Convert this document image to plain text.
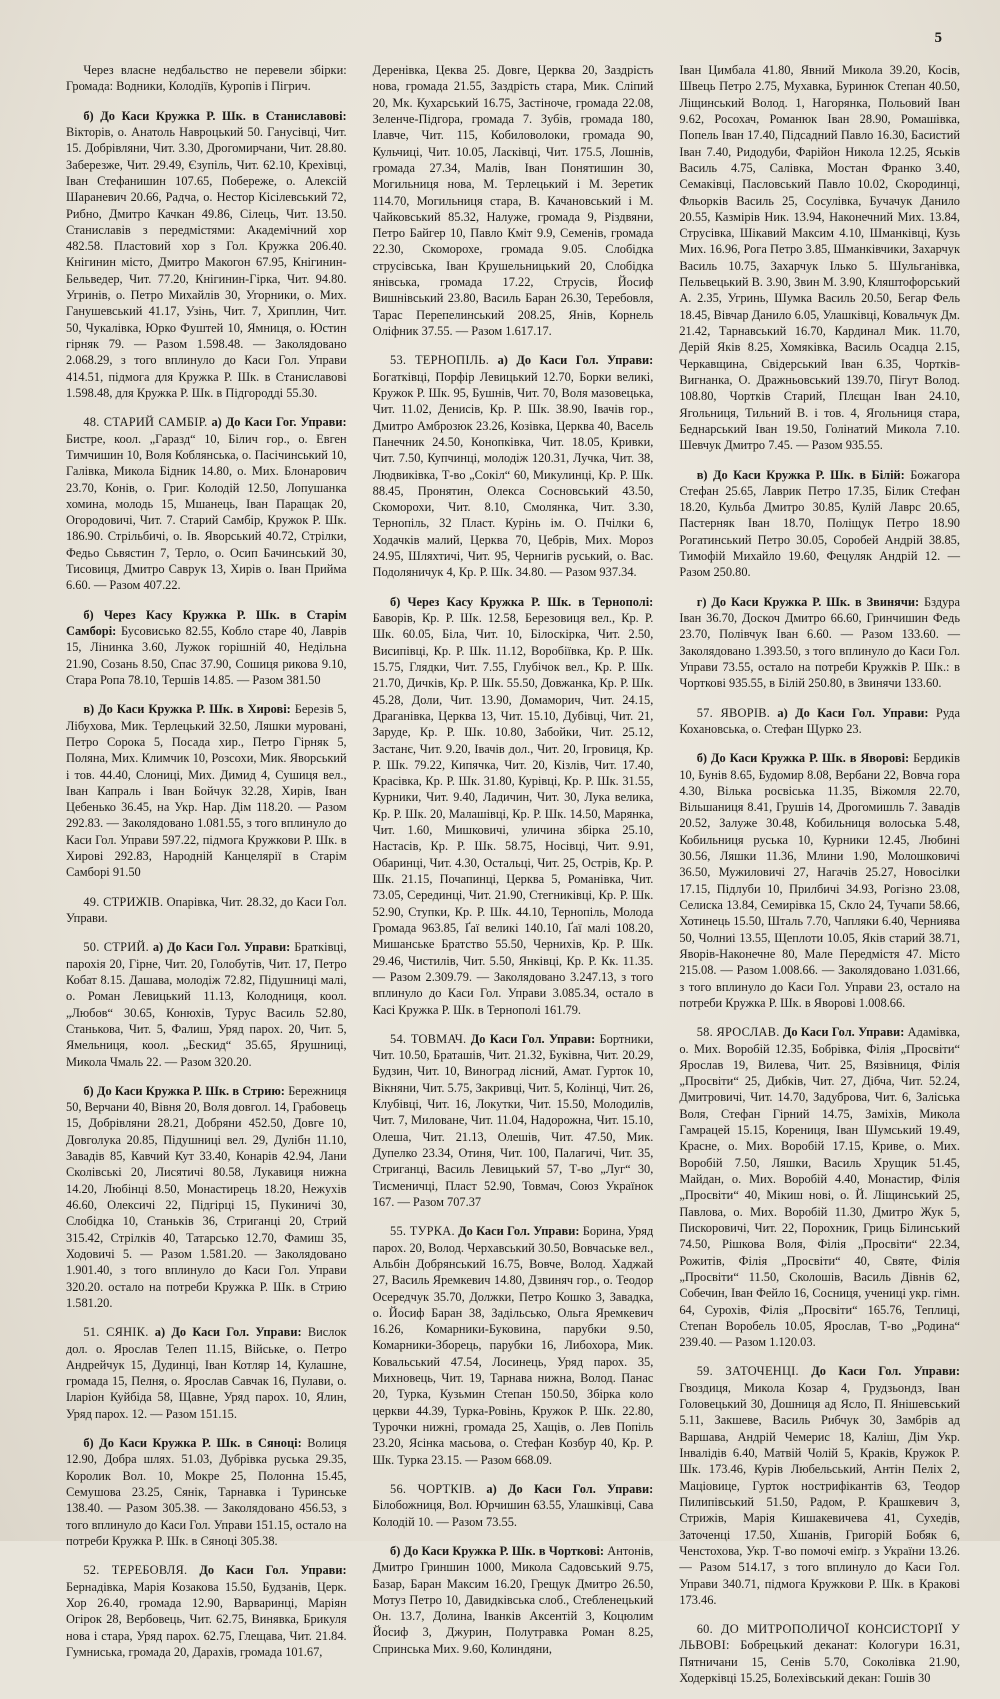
5

Через власне недбальство не перевели збірки: Громада: Водники, Колодіїв, Куропів і Пігрич.

б) До Каси Кружка Р. Шк. в Станиславові: Вікторів, о. Анатоль Навроцький 50. Ганусівці, Чит. 15. Добрівляни, Чит. 3.30, Дрогомирчани, Чит. 28.80. Заберезже, Чит. 29.49, Єзупіль, Чит. 62.10, Крехівці, Іван Стефанишин 107.65, Побереже, о. Алексій Шараневич 20.66, Радча, о. Нестор Кісілевський 72, Рибно, Дмитро Качкан 49.86, Сілець, Чит. 13.50. Станиславів з передмістями: Академічний хор 482.58. Пластовий хор з Гол. Кружка 206.40. Кнігинин місто, Дмитро Макогон 67.95, Кнігинин-Бельведер, Чит. 77.20, Кнігинин-Гірка, Чит. 94.80. Угринів, о. Петро Михайлів 30, Угорники, о. Мих. Ганушевський 41.17, Узінь, Чит. 7, Хриплин, Чит. 50, Чукалівка, Юрко Фуштей 10, Ямниця, о. Юстин гірняк 79. — Разом 1.598.48. — Заколядовано 2.068.29, з того вплинуло до Каси Гол. Управи 414.51, підмога для Кружка Р. Шк. в Станиславові 1.598.48, для Кружка Р. Шк. в Підгородді 55.30.

48. СТАРИЙ САМБІР. а) До Каси Гог. Управи: Бистре, коол. „Гаразд“ 10, Білич гор., о. Евген Тимчишин 10, Воля Коблянська, о. Пасічинський 10, Галівка, Микола Бідник 14.80, о. Мих. Блонарович 23.70, Конів, о. Григ. Колодій 12.50, Лопушанка хомина, молодь 15, Мшанець, Іван Паращак 20, Огородовичі, Чит. 7. Старий Самбір, Кружок Р. Шк. 186.90. Стрільбичі, о. Ів. Яворський 40.72, Стрілки, Федьо Сьвястин 7, Терло, о. Осип Бачинський 30, Тисовиця, Дмитро Саврук 13, Хирів о. Іван Прийма 6.60. — Разом 407.22.

б) Через Касу Кружка Р. Шк. в Старім Самборі: Бусовисько 82.55, Кобло старе 40, Лаврів 15, Лінинка 3.60, Лужок горішній 40, Недільна 21.90, Созань 8.50, Спас 37.90, Сошиця рикова 9.10, Стара Ропа 78.10, Тершів 14.85. — Разом 381.50

в) До Каси Кружка Р. Шк. в Хирові: Березів 5, Лібухова, Мик. Терлецький 32.50, Ляшки мурованi, Петро Сорока 5, Посада хир., Петро Гірняк 5, Поляна, Мих. Климчик 10, Розсохи, Мик. Яворський і тов. 44.40, Слониці, Мих. Димид 4, Сушиця вел., Іван Капраль і Іван Бойчук 32.28, Хирів, Іван Цебенько 36.45, на Укр. Нар. Дім 118.20. — Разом 292.83. — Заколядовано 1.081.55, з того вплинуло до Каси Гол. Управи 597.22, підмога Кружкови Р. Шк. в Хирові 292.83, Народній Канцелярії в Старім Самборі 91.50

49. СТРИЖІВ. Опарівка, Чит. 28.32, до Каси Гол. Управи.

50. СТРИЙ. а) До Каси Гол. Управи: Братківці, парохія 20, Гірне, Чит. 20, Голобутів, Чит. 17, Петро Кобат 8.15. Дашава, молодіж 72.82, Підушниці малі, о. Роман Левицький 11.13, Колодниця, коол. „Любов“ 30.65, Конюхів, Турус Василь 52.80, Станькова, Чит. 5, Фалиш, Уряд парох. 20, Чит. 5, Ямельниця, коол. „Бескид“ 35.65, Ярушниці, Микола Чмаль 22. — Разом 320.20.

б) До Каси Кружка Р. Шк. в Стрию: Бережниця 50, Верчани 40, Вівня 20, Воля довгол. 14, Грабовець 15, Добрівляни 28.21, Добряни 452.50, Довге 10, Довголука 20.85, Підушниці вел. 29, Дулібн 11.10, Завадів 85, Кавчий Кут 33.40, Конарів 42.94, Лани Сколівські 20, Лисятичі 80.58, Лукавиця нижна 14.20, Любінці 8.50, Монастирець 18.20, Нежухів 46.60, Олексичі 22, Підгірці 15, Пукиничі 30, Слобідка 10, Станьків 36, Стриганці 20, Стрий 315.42, Стрілків 40, Татарсько 12.70, Фамиш 35, Ходовичі 5. — Разом 1.581.20. — Заколядовано 1.901.40, з того вплинуло до Каси Гол. Управи 320.20. остало на потреби Кружка Р. Шк. в Стрию 1.581.20.

51. СЯНІК. а) До Каси Гол. Управи: Вислок дол. о. Ярослав Телеп 11.15, Війське, о. Петро Андрейчук 15, Дудинці, Іван Котляр 14, Кулашне, громада 15, Пелня, о. Ярослав Савчак 16, Пулави, о. Іларіон Куйбіда 58, Щавне, Уряд парох. 10, Ялин, Уряд парох. 12. — Разом 151.15.

б) До Каси Кружка Р. Шк. в Сяноці: Волиця 12.90, Добра шлях. 51.03, Дубрівка руська 29.35, Королик Вол. 10, Мокре 25, Полонна 15.45, Семушова 23.25, Сянік, Тарнавка і Туринське 138.40. — Разом 305.38. — Заколядовано 456.53, з того вплинуло до Каси Гол. Управи 151.15, остало на потреби Кружка Р. Шк. в Сяноці 305.38.

52. ТЕРЕБОВЛЯ. До Каси Гол. Управи: Бернадівка, Марія Козакова 15.50, Будзанів, Церк. Хор 26.40, громада 12.90, Варваринці, Маріян Огірок 28, Вербовець, Чит. 62.75, Винявка, Брикуля нова і стара, Уряд парох. 62.75, Глещава, Чит. 21.84. Гумниська, громада 20, Дарахів, громада 101.67,

Деренівка, Цеква 25. Довге, Церква 20, Заздрість нова, громада 21.55, Заздрість стара, Мик. Сліпий 20, Мк. Кухарський 16.75, Застіноче, громада 22.08, Зеленче-Підгора, громада 7. Зубів, громада 180, Ілавче, Чит. 115, Кобиловолоки, громада 90, Кульчиці, Чит. 10.05, Ласківці, Чит. 175.5, Лошнів, громада 27.34, Малів, Іван Понятишин 30, Могильниця нова, М. Терлецький і М. Зеретик 114.70, Могильниця стара, В. Качановський і М. Чайковський 85.32, Налуже, громада 9, Різдвяни, Петро Байгер 10, Павло Кміт 9.9, Семенів, громада 22.30, Скоморохе, громада 9.05. Слобідка струсівська, Іван Крушельницький 20, Слобідка янівська, громада 17.22, Струсів, Йосиф Вишнівський 23.80, Василь Баран 26.30, Теребовля, Тарас Перепелинський 208.25, Янів, Корнель Оліфник 37.55. — Разом 1.617.17.

53. ТЕРНОПІЛЬ. а) До Каси Гол. Управи: Богатківці, Порфір Левицький 12.70, Борки великі, Кружок Р. Шк. 95, Бушнів, Чит. 70, Воля мазовецька, Чит. 11.02, Денисів, Кр. Р. Шк. 38.90, Івачів гор., Дмитро Амброзюк 23.26, Козівка, Церква 40, Васель Панечник 24.50, Конопківка, Чит. 18.05, Кривки, Чит. 7.50, Купчинці, молодіж 120.31, Лучка, Чит. 38, Людвиківка, Т-во „Сокіл“ 60, Микулинці, Кр. Р. Шк. 88.45, Пронятин, Олекса Сосновський 43.50, Скоморохи, Чит. 8.10, Смолянка, Чит. 3.30, Тернопіль, 32 Пласт. Курінь ім. О. Пчілки 6, Ходачків малий, Церква 70, Цебрів, Мих. Мороз 24.95, Шляхтичі, Чит. 95, Чернигів руський, о. Вас. Подоляничук 4, Кр. Р. Шк. 34.80. — Разом 937.34.

б) Через Касу Кружка Р. Шк. в Тернополі: Баворів, Кр. Р. Шк. 12.58, Березовиця вел., Кр. Р. Шк. 60.05, Біла, Чит. 10, Білоскірка, Чит. 2.50, Висипівці, Кр. Р. Шк. 11.12, Воробіївка, Кр. Р. Шк. 15.75, Глядки, Чит. 7.55, Глубічок вел., Кр. Р. Шк. 21.70, Дичків, Кр. Р. Шк. 55.50, Довжанка, Кр. Р. Шк. 45.28, Доли, Чит. 13.90, Домаморич, Чит. 24.15, Драганівка, Церква 13, Чит. 15.10, Дубівці, Чит. 21, Заруде, Кр. Р. Шк. 10.80, Забойки, Чит. 25.12, Застанє, Чит. 9.20, Івачів дол., Чит. 20, Ігровиця, Кр. Р. Шк. 79.22, Кипячка, Чит. 20, Кізлів, Чит. 17.40, Красівка, Кр. Р. Шк. 31.80, Курівці, Кр. Р. Шк. 31.55, Курники, Чит. 9.40, Ладичин, Чит. 30, Лука велика, Кр. Р. Шк. 20, Малашівці, Кр. Р. Шк. 14.50, Марянка, Чит. 1.60, Мишковичі, уличина збірка 25.10, Настасів, Кр. Р. Шк. 58.75, Носівці, Чит. 9.91, Обаринці, Чит. 4.30, Остальці, Чит. 25, Острів, Кр. Р. Шк. 21.15, Почапинці, Церква 5, Романівка, Чит. 73.05, Серединці, Чит. 21.90, Стегниківці, Кр. Р. Шк. 52.90, Ступки, Кр. Р. Шк. 44.10, Тернопіль, Молода Громада 963.85, Ґаї великі 140.10, Ґаї малі 108.20, Мишанське Братство 55.50, Чернихів, Кр. Р. Шк. 29.46, Чистилів, Чит. 5.50, Янківці, Кр. Р. Кк. 11.35. — Разом 2.309.79. — Заколядовано 3.247.13, з того вплинуло до Каси Гол. Управи 3.085.34, остало в Касі Кружка Р. Шк. в Тернополі 161.79.

54. ТОВМАЧ. До Каси Гол. Управи: Бортники, Чит. 10.50, Браташів, Чит. 21.32, Буківна, Чит. 20.29, Будзин, Чит. 10, Виноград лісний, Амат. Гурток 10, Вікняни, Чит. 5.75, Закривці, Чит. 5, Колінці, Чит. 26, Клубівці, Чит. 16, Локутки, Чит. 15.50, Молодилів, Чит. 7, Миловане, Чит. 11.04, Надорожна, Чит. 15.10, Олеша, Чит. 21.13, Олешів, Чит. 47.50, Мик. Дупелко 23.34, Отиня, Чит. 100, Палагичі, Чит. 35, Стриганці, Василь Левицький 57, Т-во „Луг“ 30, Тисменичці, Пласт 52.90, Товмач, Союз Українок 167. — Разом 707.37

55. ТУРКА. До Каси Гол. Управи: Борина, Уряд парох. 20, Волод. Черхавський 30.50, Вовчаське вел., Альбін Добрянський 16.75, Вовче, Волод. Хаджай 27, Василь Яремкевич 14.80, Дзвиняч гор., о. Теодор Осередчук 35.70, Должки, Петро Кошко 3, Завадка, о. Йосиф Баран 38, Задільсько, Ольга Яремкевич 16.26, Комарники-Буковина, парубки 9.50, Комарники-Зборець, парубки 16, Либохора, Мик. Ковальський 47.54, Лосинець, Уряд парох. 35, Михновець, Чит. 19, Тарнава нижна, Волод. Панас 20, Турка, Кузьмин Степан 150.50, Збірка коло церкви 44.39, Турка-Ровінь, Кружок Р. Шк. 22.80, Турочки нижні, громада 25, Хащів, о. Лев Попіль 23.20, Ясінка масьова, о. Стефан Козбур 40, Кр. Р. Шк. Турка 23.15. — Разом 668.09.

56. ЧОРТКІВ. а) До Каси Гол. Управи: Білобожниця, Вол. Юрчишин 63.55, Улашківці, Сава Колодій 10. — Разом 73.55.

б) До Каси Кружка Р. Шк. в Чорткові: Антонів, Дмитро Гриншин 1000, Микола Садовський 9.75, Базар, Баран Максим 16.20, Грещук Дмитро 26.50, Мотуз Петро 10, Давидківська слоб., Стебленецький Он. 13.7, Долина, Іванків Аксентій 3, Коцюлим Йосиф 3, Джурин, Полутравка Роман 8.25, Спринська Мих. 9.60, Колиндяни,

Іван Цимбала 41.80, Явний Микола 39.20, Косів, Швець Петро 2.75, Мухавка, Буринюк Степан 40.50, Ліщинський Волод. 1, Нагорянка, Польовий Іван 9.62, Росохач, Романюк Іван 28.90, Ромашівка, Попель Іван 17.40, Підсадний Павло 16.30, Басистий Іван 7.40, Ридодуби, Фарійон Никола 12.25, Яськів Василь 4.75, Салівка, Мостан Франко 3.40, Семаківці, Пасловський Павло 10.02, Скородинці, Фльорків Василь 25, Сосулівка, Бучачук Данило 20.55, Казмірів Ник. 13.94, Наконечний Мих. 13.84, Струсівка, Шікавий Максим 4.10, Шманківці, Кузь Мих. 16.96, Рога Петро 3.85, Шманківчики, Захарчук Василь 10.75, Захарчук Ілько 5. Шульганівка, Пельвецький В. 3.90, Звин М. 3.90, Кляштофорський А. 2.35, Угринь, Шумка Василь 20.50, Бегар Фель 18.45, Вівчар Данило 6.05, Улашківці, Ковальчук Дм. 21.42, Тарнавський 16.70, Кардинал Мик. 11.70, Дерій Яків 8.25, Хомяківка, Василь Осадца 2.15, Черкавщина, Свідерський Іван 6.35, Чортків-Вигнанка, О. Дражньовський 139.70, Пігут Волод. 108.80, Чортків Старий, Плєщан Іван 24.10, Ягольниця, Тильний В. і тов. 4, Ягольниця стара, Беднарський Іван 19.50, Голінатий Микола 7.10. Шевчук Дмитро 7.45. — Разом 935.55.

в) До Каси Кружка Р. Шк. в Білій: Божагора Стефан 25.65, Лаврик Петро 17.35, Білик Стефан 18.20, Кульба Дмитро 30.85, Кулій Лаврс 20.65, Пастерняк Іван 18.70, Поліщук Петро 18.90 Рогатинський Петро 30.05, Соробей Андрій 38.85, Тимофій Михайло 19.60, Фецуляк Андрій 12. — Разом 250.80.

г) До Каси Кружка Р. Шк. в Звинячи: Бздура Іван 36.70, Доскоч Дмитро 66.60, Гринчишин Федь 23.70, Полівчук Іван 6.60. — Разом 133.60. — Заколядовано 1.393.50, з того вплинуло до Каси Гол. Управи 73.55, остало на потреби Кружків Р. Шк.: в Чорткові 935.55, в Білій 250.80, в Звинячи 133.60.

57. ЯВОРІВ. а) До Каси Гол. Управи: Руда Кохановська, о. Стефан Щурко 23.

б) До Каси Кружка Р. Шк. в Яворові: Бердиків 10, Бунів 8.65, Будомир 8.08, Вербани 22, Вовча гора 4.30, Вілька росвіська 11.35, Віжомля 22.70, Вільшаниця 8.41, Грушів 14, Дрогомишль 7. Завадів 20.52, Залуже 30.48, Кобильниця волоська 5.48, Кобильниця руська 10, Курники 12.45, Любині 30.56, Ляшки 11.36, Млини 1.90, Молошковичі 36.50, Мужиловичі 27, Нагачів 25.27, Новосілки 17.15, Підлуби 10, Прилбичі 34.93, Рогізно 23.08, Селиска 13.84, Семирівка 15, Скло 24, Тучапи 58.66, Хотинець 15.50, Шталь 7.70, Чапляки 6.40, Черниява 50, Чолниі 13.55, Щеплоти 10.05, Яків старий 38.71, Яворів-Наконечне 80, Мале Передмістя 47. Місто 215.08. — Разом 1.008.66. — Заколядовано 1.031.66, з того вплинуло до Каси Гол. Управи 23, остало на потреби Кружка Р. Шк. в Яворові 1.008.66.

58. ЯРОСЛАВ. До Каси Гол. Управи: Адамівка, о. Мих. Воробій 12.35, Бобрівка, Філія „Просвіти“ Ярослав 19, Вилева, Чит. 25, Вязівниця, Філія „Просвіти“ 25, Дибків, Чит. 27, Дібча, Чит. 52.24, Дмитровичі, Чит. 14.70, Задуброва, Чит. 6, Заліська Воля, Стефан Гірний 14.75, Заміхів, Микола Гамрацей 15.15, Корениця, Іван Шумський 19.49, Красне, о. Мих. Воробій 17.15, Криве, о. Мих. Воробій 7.50, Ляшки, Василь Хрущик 51.45, Майдан, о. Мих. Воробій 4.40, Монастир, Філія „Просвіти“ 40, Мікиш нові, о. Й. Ліщинський 25, Павлова, о. Мих. Воробій 11.30, Дмитро Жук 5, Пискоровичі, Чит. 22, Порохник, Гриць Білинський 74.50, Рішкова Воля, Філія „Просвіти“ 22.34, Рожитів, Філія „Просвіти“ 40, Святе, Філія „Просвіти“ 11.50, Сколошів, Василь Дівнів 62, Собечин, Іван Фейло 16, Сосниця, учениці укр. гімн. 64, Сурохів, Філія „Просвіти“ 165.76, Теплиці, Степан Воробель 10.05, Ярослав, Т-во „Родина“ 239.40. — Разом 1.120.03.

59. ЗАТОЧЕНЦІ. До Каси Гол. Управи: Гвоздиця, Микола Козар 4, Грудзьондз, Іван Головецький 30, Дошниця ад Ясло, П. Янішевський 5.11, Закшеве, Василь Рибчук 30, Замбрів ад Варшава, Андрій Чемерис 18, Каліш, Дім Укр. Інвалідів 6.40, Матвій Чолій 5, Краків, Кружок Р. Шк. 173.46, Курів Любельський, Антін Пеліх 2, Маціовице, Гурток нострифікантів 63, Теодор Пилипівський 51.50, Радом, Р. Крашкевич 3, Стрижів, Марія Кишакевичева 41, Сухедів, Заточенці 17.50, Хшанів, Григорій Бобяк 6, Ченстохова, Укр. Т-во помочі еміґр. з України 13.26. — Разом 514.17, з того вплинуло до Каси Гол. Управи 340.71, підмога Кружкови Р. Шк. в Кракові 173.46.

60. ДО МИТРОПОЛИЧОЇ КОНСИСТОРІЇ У ЛЬВОВІ: Бобрецький деканат: Кологури 16.31, Пятничани 15, Сенів 5.70, Соколівка 21.90, Ходерківці 15.25, Болехівський декан: Гошів 30
